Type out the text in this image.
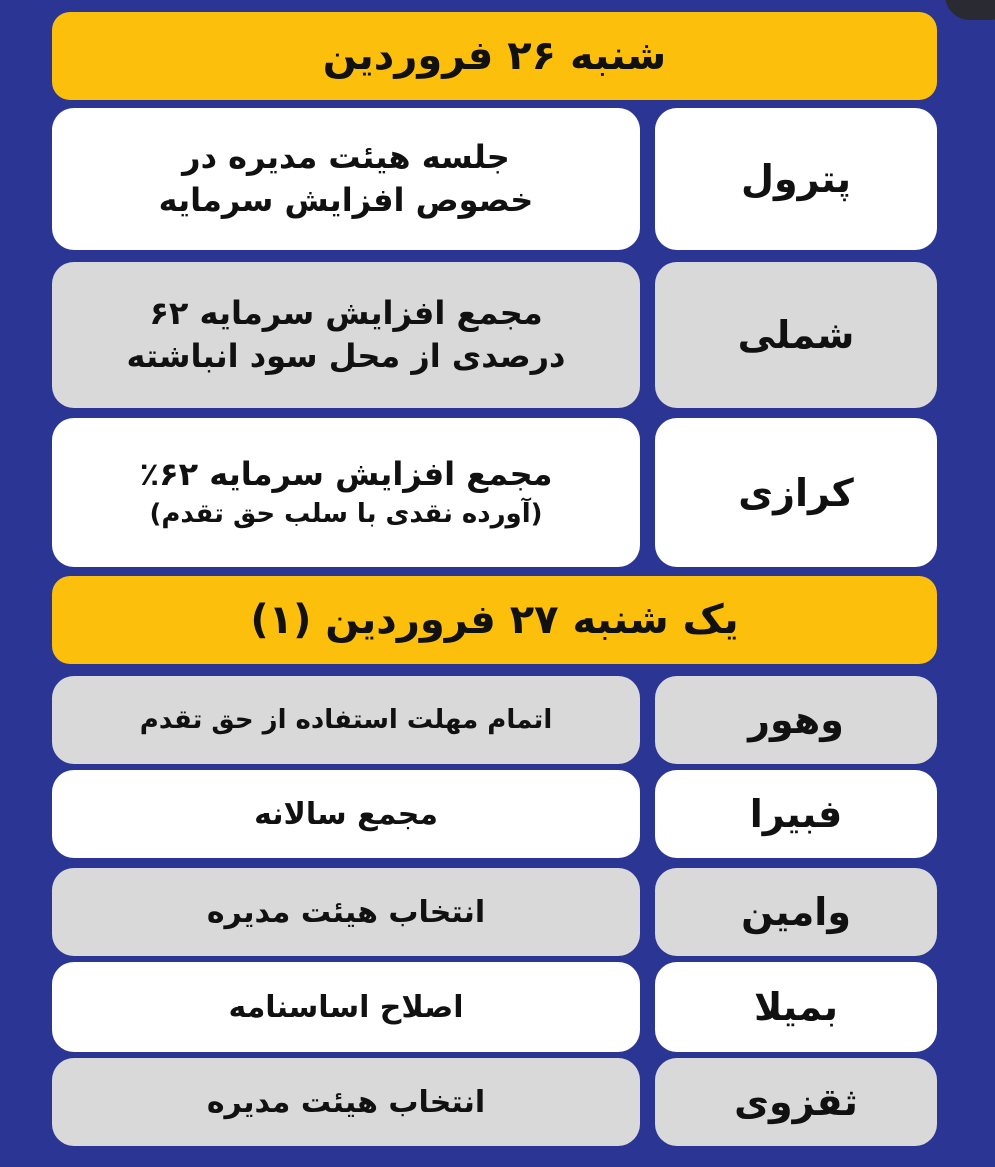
شنبه ۲۶ فروردین
جلسه هیئت مدیره در
خصوص افزایش سرمایه	پترول
مجمع افزایش سرمایه ۶۲
درصدی از محل سود انباشته	شملی
مجمع افزایش سرمایه ۶۲٪
(آورده نقدی با سلب حق تقدم)	کرازی
یک شنبه ۲۷ فروردین (۱)
اتمام مهلت استفاده از حق تقدم	وهور
مجمع سالانه	فبیرا
انتخاب هیئت مدیره	وامین
اصلاح اساسنامه	بمیلا
انتخاب هیئت مدیره	ثقزوی
